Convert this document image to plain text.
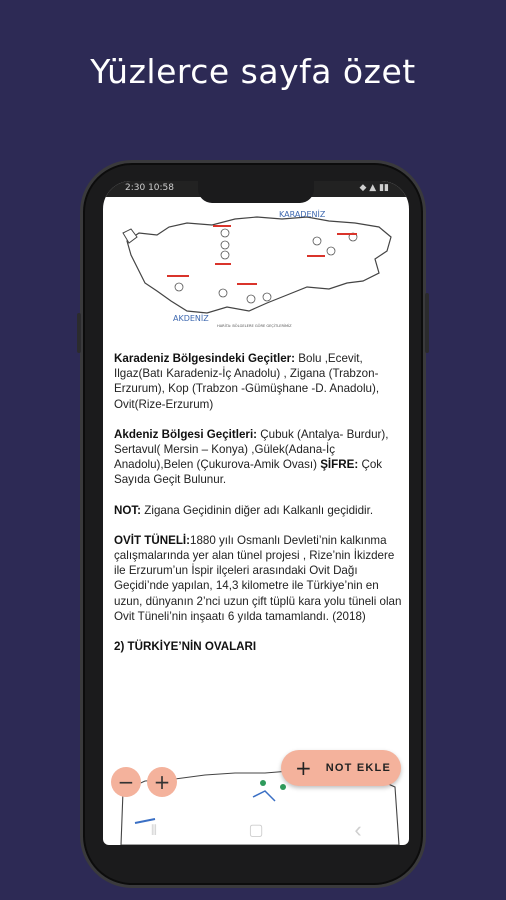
Yüzlerce sayfa özet
2:30 10:58	◆ ▲ ▮▮
KARADENİZ
AKDENİZ
HARİTA: BÖLGELERE GÖRE GEÇİTLERİMİZ

Karadeniz Bölgesindeki Geçitler: Bolu ,Ecevit, Ilgaz(Batı Karadeniz-İç Anadolu) , Zigana (Trabzon- Erzurum), Kop (Trabzon -Gümüşhane -D. Anadolu), Ovit(Rize-Erzurum)

Akdeniz Bölgesi Geçitleri: Çubuk (Antalya- Burdur), Sertavul( Mersin – Konya) ,Gülek(Adana-İç Anadolu),Belen (Çukurova-Amik Ovası) ŞİFRE: Çok Sayıda Geçit Bulunur.

NOT: Zigana Geçidinin diğer adı Kalkanlı geçididir.

OVİT TÜNELİ:1880 yılı Osmanlı Devleti’nin kalkınma çalışmalarında yer alan tünel projesi , Rize’nin İkizdere ile Erzurum’un İspir ilçeleri arasındaki Ovit Dağı Geçidi’nde yapılan, 14,3 kilometre ile Türkiye’nin en uzun, dünyanın 2’nci uzun çift tüplü kara yolu tüneli olan Ovit Tüneli’nin inşaatı 6 yılda tamamlandı. (2018)

2) TÜRKİYE’NİN OVALARI

− +
+ NOT EKLE
⦀	▢	‹
